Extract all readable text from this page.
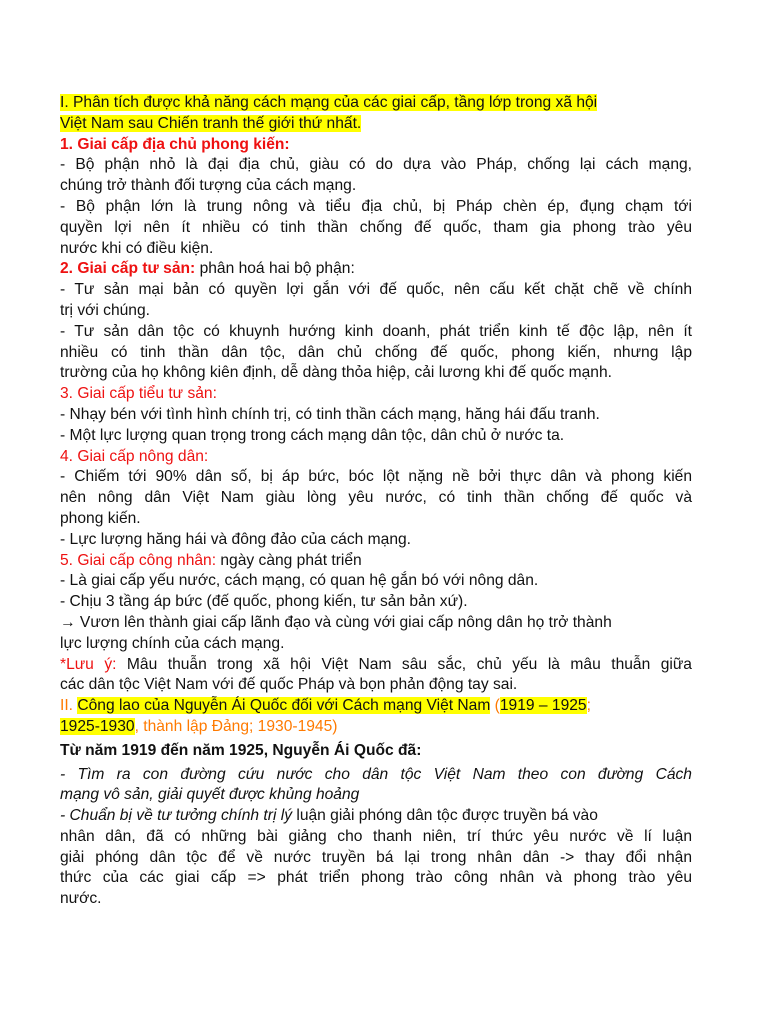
I. Phân tích được khả năng cách mạng của các giai cấp, tầng lớp trong xã hội
Việt Nam sau Chiến tranh thế giới thứ nhất.
1. Giai cấp địa chủ phong kiến:
- Bộ phận nhỏ là đại địa chủ, giàu có do dựa vào Pháp, chống lại cách mạng,
chúng trở thành đối tượng của cách mạng.
- Bộ phận lớn là trung nông và tiểu địa chủ, bị Pháp chèn ép, đụng chạm tới
quyền lợi nên ít nhiều có tinh thần chống đế quốc, tham gia phong trào yêu
nước khi có điều kiện.
2. Giai cấp tư sản: phân hoá hai bộ phận:
- Tư sản mại bản có quyền lợi gắn với đế quốc, nên cấu kết chặt chẽ về chính
trị với chúng.
- Tư sản dân tộc có khuynh hướng kinh doanh, phát triển kinh tế độc lập, nên ít
nhiều có tinh thần dân tộc, dân chủ chống đế quốc, phong kiến, nhưng lập
trường của họ không kiên định, dễ dàng thỏa hiệp, cải lương khi đế quốc mạnh.
3. Giai cấp tiểu tư sản:
- Nhạy bén với tình hình chính trị, có tinh thần cách mạng, hăng hái đấu tranh.
- Một lực lượng quan trọng trong cách mạng dân tộc, dân chủ ở nước ta.
4. Giai cấp nông dân:
- Chiếm tới 90% dân số, bị áp bức, bóc lột nặng nề bởi thực dân và phong kiến
nên nông dân Việt Nam giàu lòng yêu nước, có tinh thần chống đế quốc và
phong kiến.
- Lực lượng hăng hái và đông đảo của cách mạng.
5. Giai cấp công nhân: ngày càng phát triển
- Là giai cấp yếu nước, cách mạng, có quan hệ gắn bó với nông dân.
- Chịu 3 tầng áp bức (đế quốc, phong kiến, tư sản bản xứ).
→ Vươn lên thành giai cấp lãnh đạo và cùng với giai cấp nông dân họ trở thành
lực lượng chính của cách mạng.
*Lưu ý: Mâu thuẫn trong xã hội Việt Nam sâu sắc, chủ yếu là mâu thuẫn giữa
các dân tộc Việt Nam với đế quốc Pháp và bọn phản động tay sai.
II. Công lao của Nguyễn Ái Quốc đối với Cách mạng Việt Nam (1919 – 1925;
1925-1930, thành lập Đảng; 1930-1945)
Từ năm 1919 đến năm 1925, Nguyễn Ái Quốc đã:
- Tìm ra con đường cứu nước cho dân tộc Việt Nam theo con đường Cách
mạng vô sản, giải quyết được khủng hoảng
- Chuẩn bị về tư tưởng chính trị lý luận giải phóng dân tộc được truyền bá vào
nhân dân, đã có những bài giảng cho thanh niên, trí thức yêu nước về lí luận
giải phóng dân tộc để về nước truyền bá lại trong nhân dân -> thay đổi nhận
thức của các giai cấp => phát triển phong trào công nhân và phong trào yêu
nước.
